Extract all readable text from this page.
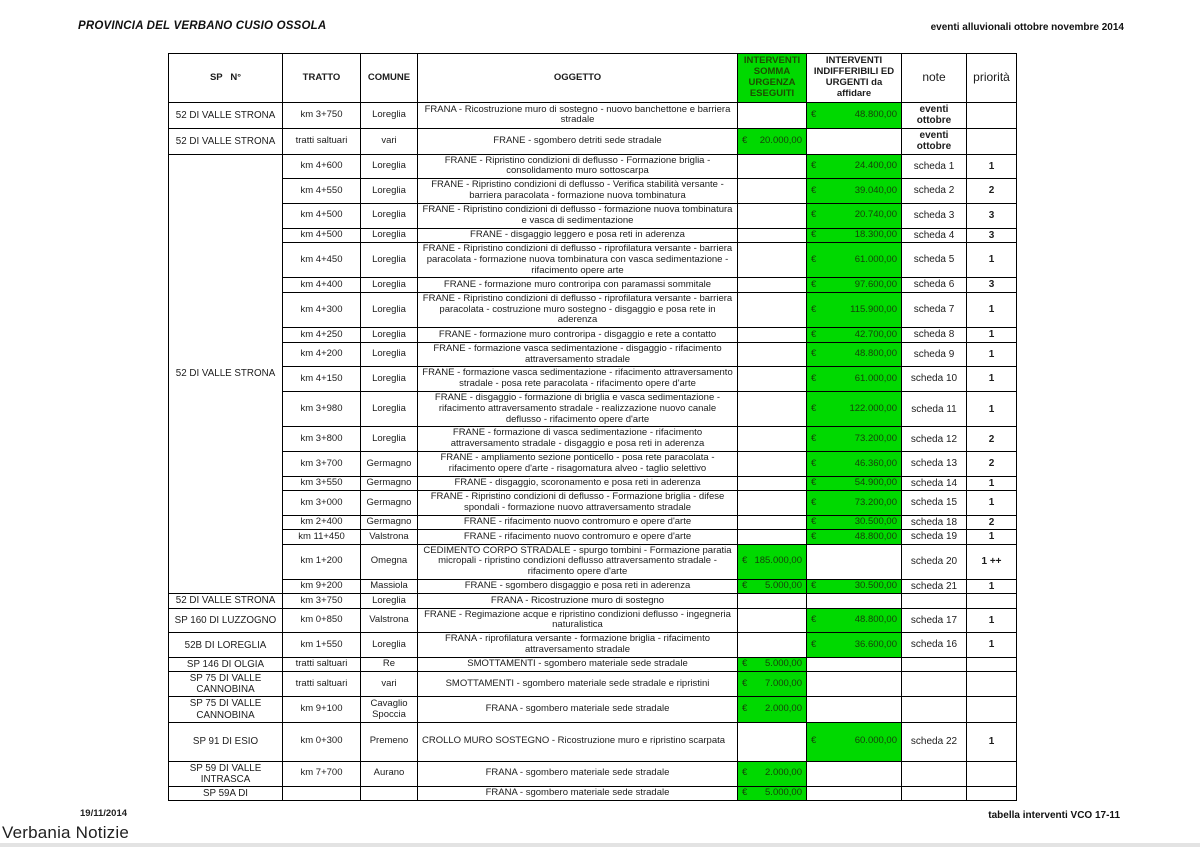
PROVINCIA DEL VERBANO CUSIO OSSOLA	eventi alluvionali ottobre novembre 2014
SP   N°	TRATTO	COMUNE	OGGETTO	INTERVENTI SOMMA URGENZA ESEGUITI	INTERVENTI INDIFFERIBILI ED URGENTI da affidare	note	priorità
52 DI VALLE STRONA	km 3+750	Loreglia	FRANA - Ricostruzione muro di sostegno - nuovo banchettone e barriera stradale		€ 48.800,00	eventi ottobre	
52 DI VALLE STRONA	tratti saltuari	vari	FRANE - sgombero detriti sede stradale	€ 20.000,00		eventi ottobre	
52 DI VALLE STRONA	km 4+600	Loreglia	FRANE - Ripristino condizioni di deflusso - Formazione briglia - consolidamento muro sottoscarpa		€ 24.400,00	scheda 1	1
	km 4+550	Loreglia	FRANE - Ripristino condizioni di deflusso - Verifica stabilità versante - barriera paracolata - formazione nuova tombinatura		€ 39.040,00	scheda 2	2
	km 4+500	Loreglia	FRANE - Ripristino condizioni di deflusso - formazione nuova tombinatura e vasca di sedimentazione		€ 20.740,00	scheda 3	3
	km 4+500	Loreglia	FRANE - disgaggio leggero e posa reti in aderenza		€ 18.300,00	scheda 4	3
	km 4+450	Loreglia	FRANE - Ripristino condizioni di deflusso - riprofilatura versante - barriera paracolata - formazione nuova tombinatura con vasca sedimentazione - rifacimento opere arte		€ 61.000,00	scheda 5	1
	km 4+400	Loreglia	FRANE - formazione muro controripa con paramassi sommitale		€ 97.600,00	scheda 6	3
	km 4+300	Loreglia	FRANE - Ripristino condizioni di deflusso - riprofilatura versante - barriera paracolata - costruzione muro sostegno - disgaggio e posa rete in aderenza		€ 115.900,00	scheda 7	1
	km 4+250	Loreglia	FRANE - formazione muro controripa - disgaggio e rete a contatto		€ 42.700,00	scheda 8	1
	km 4+200	Loreglia	FRANE - formazione vasca sedimentazione - disgaggio - rifacimento attraversamento stradale		€ 48.800,00	scheda 9	1
	km 4+150	Loreglia	FRANE - formazione vasca sedimentazione - rifacimento attraversamento stradale - posa rete paracolata - rifacimento opere d'arte		€ 61.000,00	scheda 10	1
	km 3+980	Loreglia	FRANE - disgaggio - formazione di briglia e vasca sedimentazione - rifacimento attraversamento stradale - realizzazione nuovo canale deflusso - rifacimento opere d'arte		€ 122.000,00	scheda 11	1
	km 3+800	Loreglia	FRANE - formazione di vasca sedimentazione - rifacimento attraversamento stradale - disgaggio e posa reti in aderenza		€ 73.200,00	scheda 12	2
	km 3+700	Germagno	FRANE - ampliamento sezione ponticello - posa rete paracolata - rifacimento opere d'arte - risagomatura alveo - taglio selettivo		€ 46.360,00	scheda 13	2
	km 3+550	Germagno	FRANE - disgaggio, scoronamento e posa reti in aderenza		€ 54.900,00	scheda 14	1
	km 3+000	Germagno	FRANE - Ripristino condizioni di deflusso - Formazione briglia - difese spondali - formazione nuovo attraversamento stradale		€ 73.200,00	scheda 15	1
	km 2+400	Germagno	FRANE - rifacimento nuovo contromuro e opere d'arte		€ 30.500,00	scheda 18	2
	km 11+450	Valstrona	FRANE - rifacimento nuovo contromuro e opere d'arte		€ 48.800,00	scheda 19	1
	km 1+200	Omegna	CEDIMENTO CORPO STRADALE - spurgo tombini - Formazione paratia micropali - ripristino condizioni deflusso attraversamento stradale - rifacimento opere d'arte	€ 185.000,00		scheda 20	1 ++
	km 9+200	Massiola	FRANE - sgombero disgaggio e posa reti in aderenza	€ 5.000,00	€ 30.500,00	scheda 21	1
52 DI VALLE STRONA	km 3+750	Loreglia	FRANA - Ricostruzione muro di sostegno				
SP 160 DI LUZZOGNO	km 0+850	Valstrona	FRANE - Regimazione acque e ripristino condizioni deflusso - ingegneria naturalistica		€ 48.800,00	scheda 17	1
52B DI LOREGLIA	km 1+550	Loreglia	FRANA - riprofilatura versante - formazione briglia - rifacimento attraversamento stradale		€ 36.600,00	scheda 16	1
SP 146 DI OLGIA	tratti saltuari	Re	SMOTTAMENTI - sgombero materiale sede stradale	€ 5.000,00			

SP 75 DI VALLE CANNOBINA	tratti saltuari	vari	SMOTTAMENTI - sgombero materiale sede stradale e ripristini	€ 7.000,00			

SP 75 DI VALLE CANNOBINA	km 9+100	Cavaglio Spoccia	FRANA - sgombero materiale sede stradale	€ 2.000,00			

SP 91 DI ESIO	km 0+300	Premeno	CROLLO MURO SOSTEGNO - Ricostruzione muro e ripristino scarpata		€ 60.000,00	scheda 22	1
SP 59 DI VALLE INTRASCA	km 7+700	Aurano	FRANA - sgombero materiale sede stradale	€ 2.000,00			

SP 59A DI			FRANA - sgombero materiale sede stradale	€ 5.000,00			

19/11/2014	tabella interventi VCO 17-11
Verbania Notizie
